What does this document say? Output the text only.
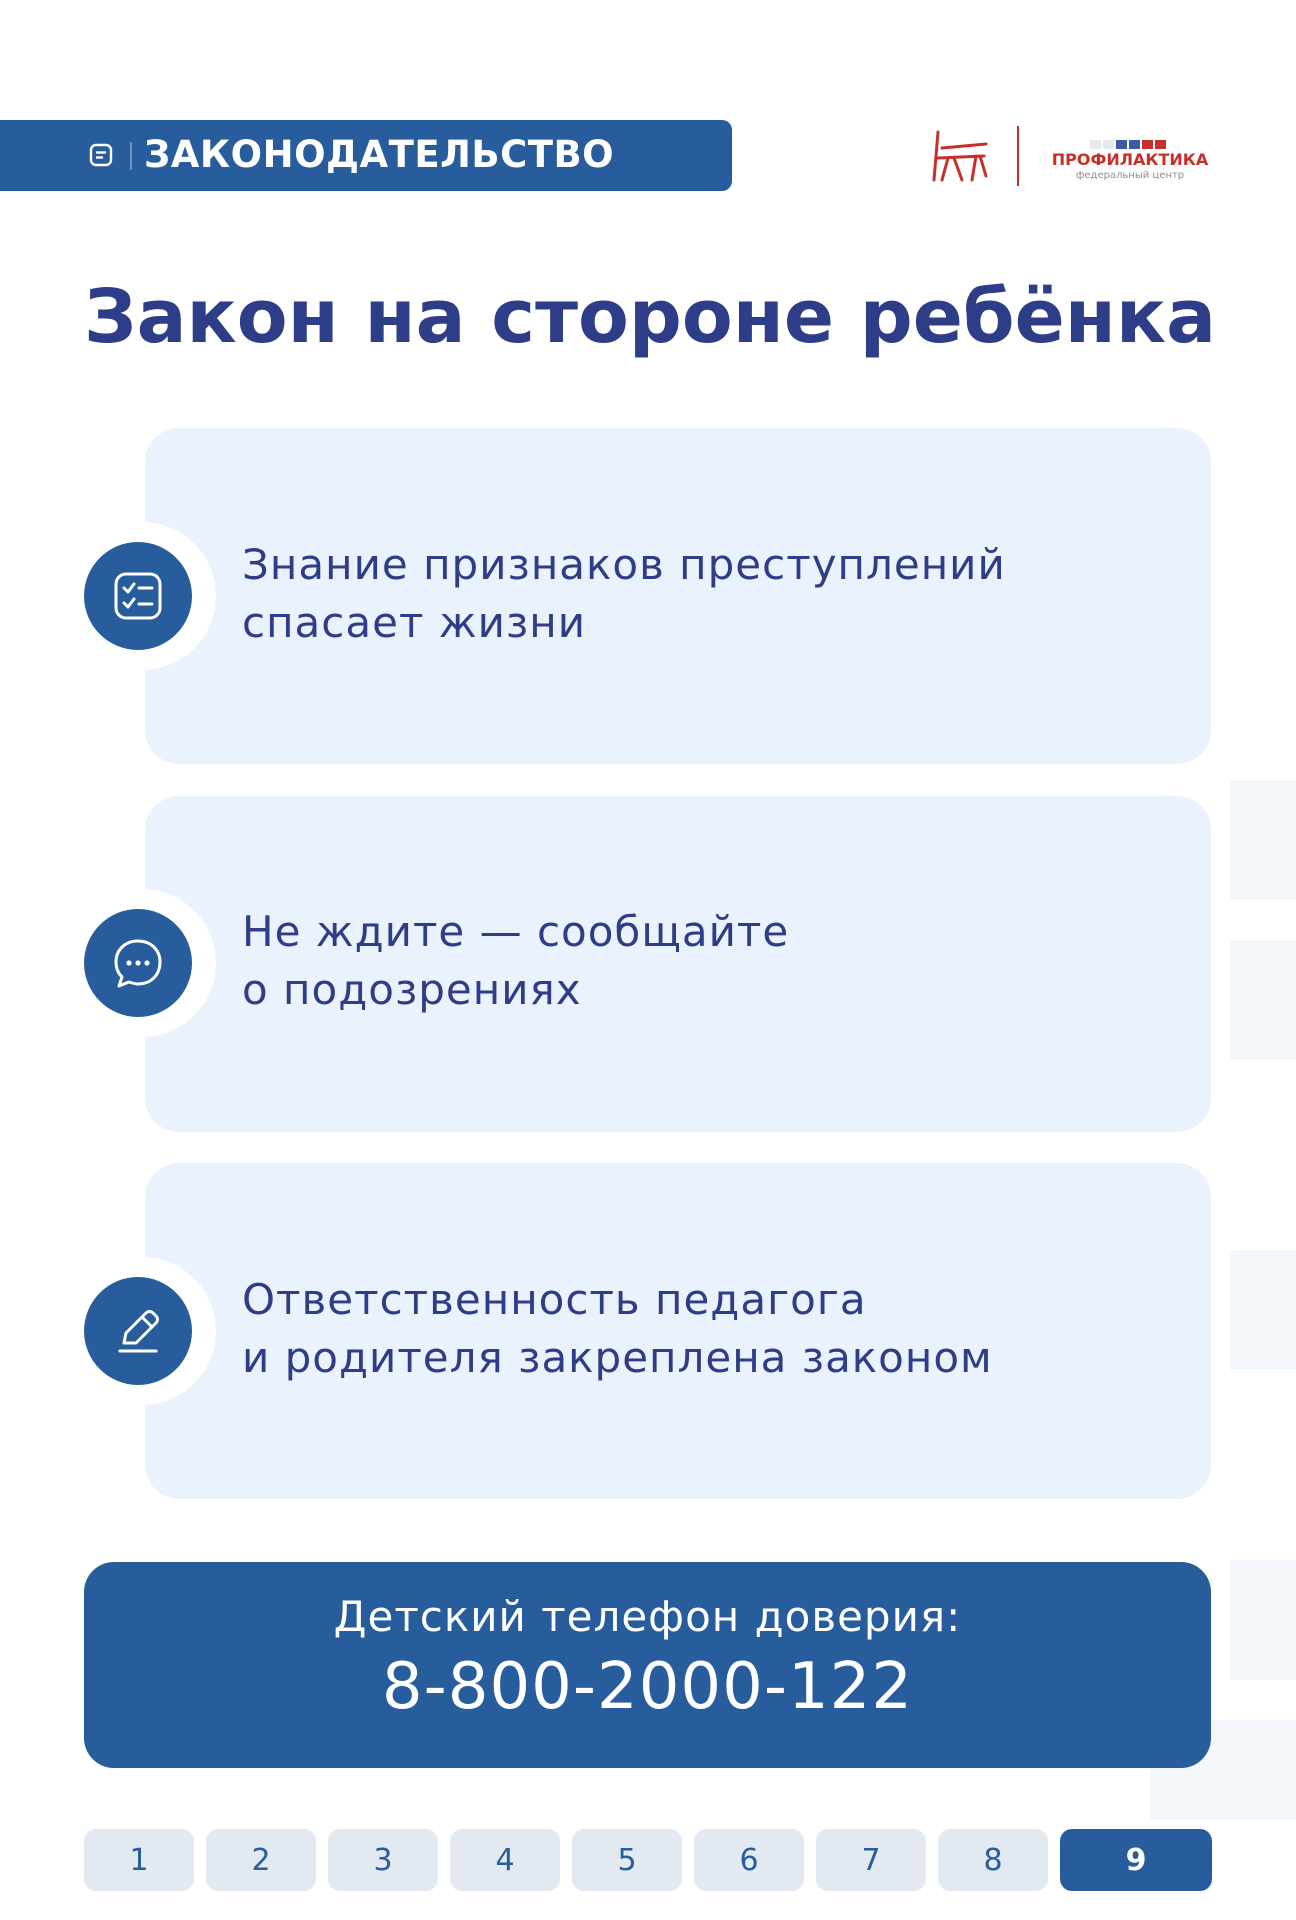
ЗАКОНОДАТЕЛЬСТВО	ПРОФИЛАКТИКА
федеральный центр
Закон на стороне ребёнка
Знание признаков преступлений
спасает жизни
Не ждите — сообщайте
о подозрениях
Ответственность педагога
и родителя закреплена законом
Детский телефон доверия:
8-800-2000-122
1	2	3	4	5	6	7	8	9
